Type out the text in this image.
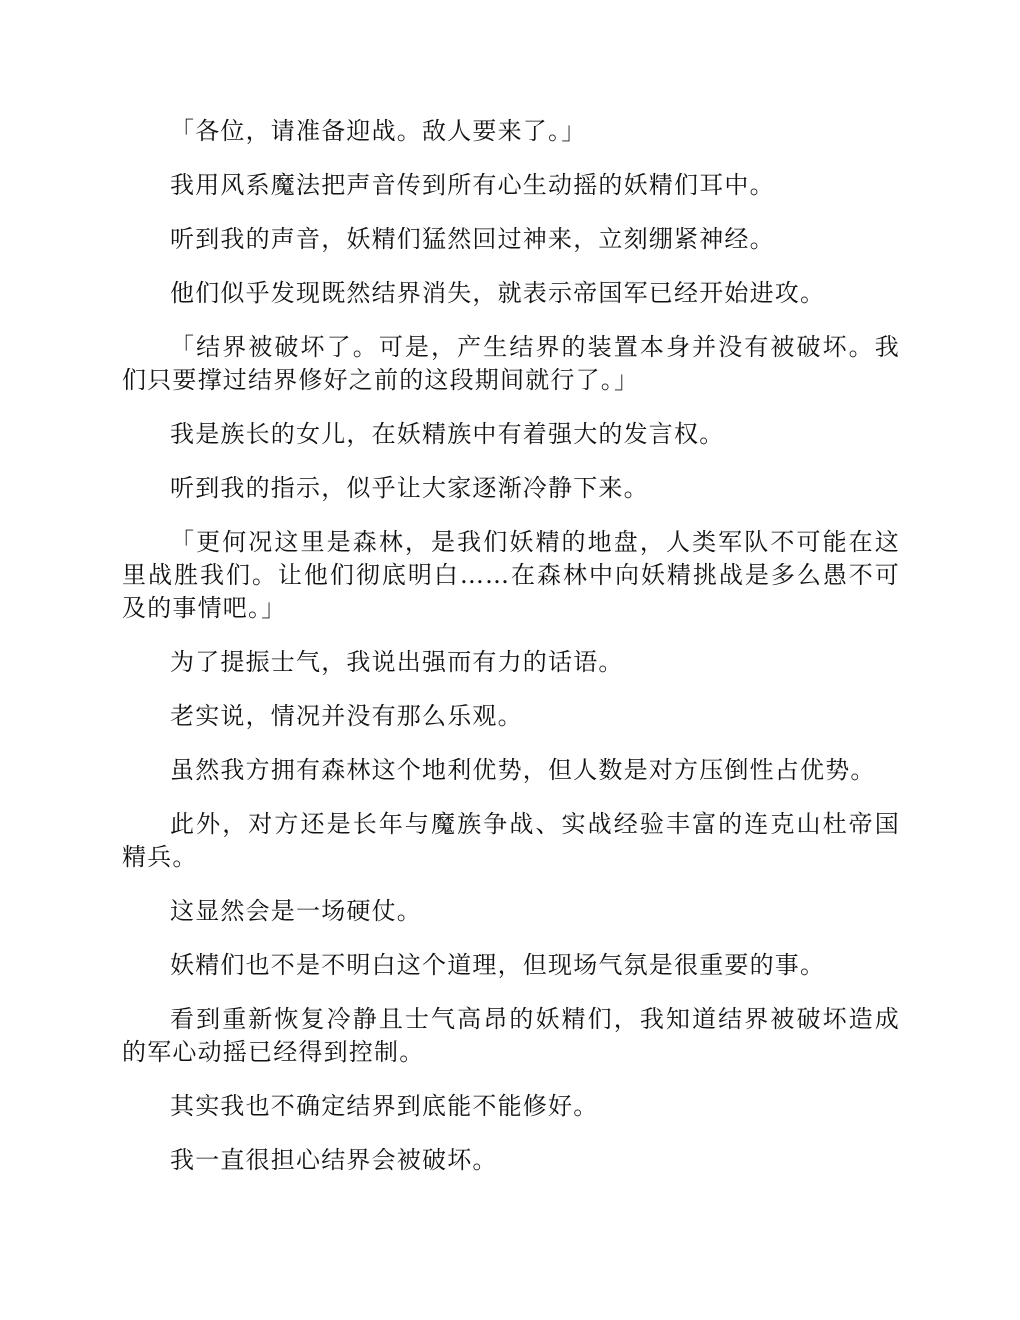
「各位，请准备迎战。敌人要来了。」

我用风系魔法把声音传到所有心生动摇的妖精们耳中。

听到我的声音，妖精们猛然回过神来，立刻绷紧神经。

他们似乎发现既然结界消失，就表示帝国军已经开始进攻。

「结界被破坏了。可是，产生结界的装置本身并没有被破坏。我们只要撑过结界修好之前的这段期间就行了。」

我是族长的女儿，在妖精族中有着强大的发言权。

听到我的指示，似乎让大家逐渐冷静下来。

「更何况这里是森林，是我们妖精的地盘，人类军队不可能在这里战胜我们。让他们彻底明白……在森林中向妖精挑战是多么愚不可及的事情吧。」

为了提振士气，我说出强而有力的话语。

老实说，情况并没有那么乐观。

虽然我方拥有森林这个地利优势，但人数是对方压倒性占优势。

此外，对方还是长年与魔族争战、实战经验丰富的连克山杜帝国精兵。

这显然会是一场硬仗。

妖精们也不是不明白这个道理，但现场气氛是很重要的事。

看到重新恢复冷静且士气高昂的妖精们，我知道结界被破坏造成的军心动摇已经得到控制。

其实我也不确定结界到底能不能修好。

我一直很担心结界会被破坏。
